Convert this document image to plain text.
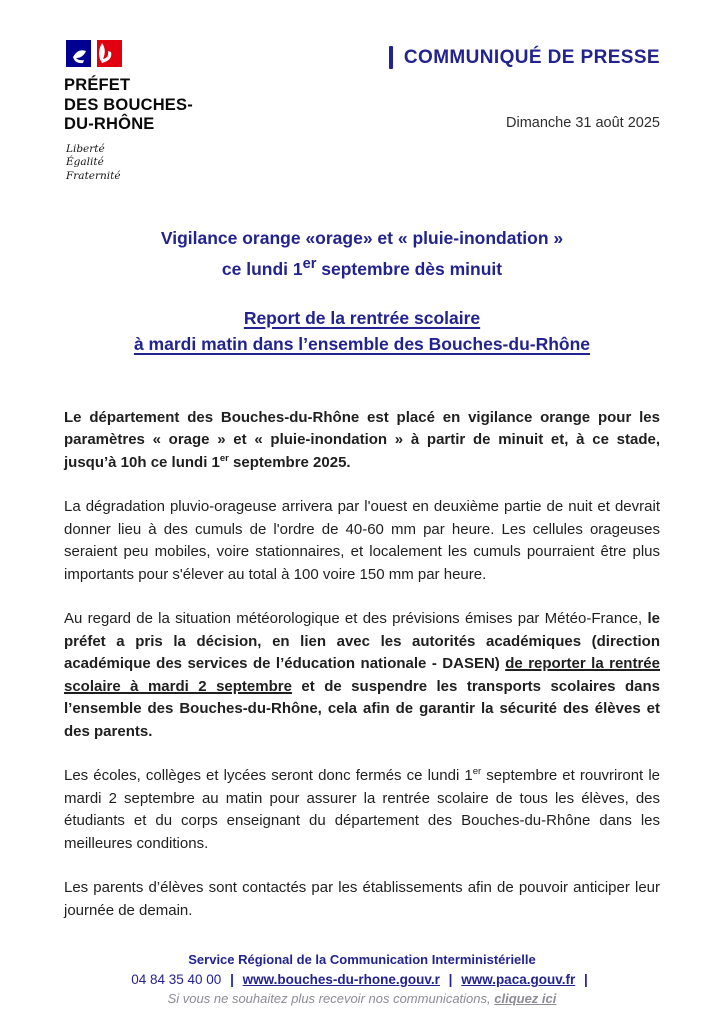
PRÉFET
DES BOUCHES-
DU-RHÔNE
Liberté
Égalité
Fraternité
COMMUNIQUÉ DE PRESSE
Dimanche 31 août 2025
Vigilance orange «orage» et « pluie-inondation »
ce lundi 1er septembre dès minuit
Report de la rentrée scolaire
à mardi matin dans l’ensemble des Bouches-du-Rhône

Le département des Bouches-du-Rhône est placé en vigilance orange pour les paramètres « orage » et « pluie-inondation » à partir de minuit et, à ce stade, jusqu’à 10h ce lundi 1er septembre 2025.

La dégradation pluvio-orageuse arrivera par l'ouest en deuxième partie de nuit et devrait donner lieu à des cumuls de l'ordre de 40-60 mm par heure. Les cellules orageuses seraient peu mobiles, voire stationnaires, et localement les cumuls pourraient être plus importants pour s'élever au total à 100 voire 150 mm par heure.

Au regard de la situation météorologique et des prévisions émises par Météo-France, le préfet a pris la décision, en lien avec les autorités académiques (direction académique des services de l’éducation nationale - DASEN) de reporter la rentrée scolaire à mardi 2 septembre et de suspendre les transports scolaires dans l’ensemble des Bouches-du-Rhône, cela afin de garantir la sécurité des élèves et des parents.

Les écoles, collèges et lycées seront donc fermés ce lundi 1er septembre et rouvriront le mardi 2 septembre au matin pour assurer la rentrée scolaire de tous les élèves, des étudiants et du corps enseignant du département des Bouches-du-Rhône dans les meilleures conditions.

Les parents d’élèves sont contactés par les établissements afin de pouvoir anticiper leur journée de demain.

Service Régional de la Communication Interministérielle
04 84 35 40 00 | www.bouches-du-rhone.gouv.r | www.paca.gouv.fr |
Si vous ne souhaitez plus recevoir nos communications, cliquez ici
